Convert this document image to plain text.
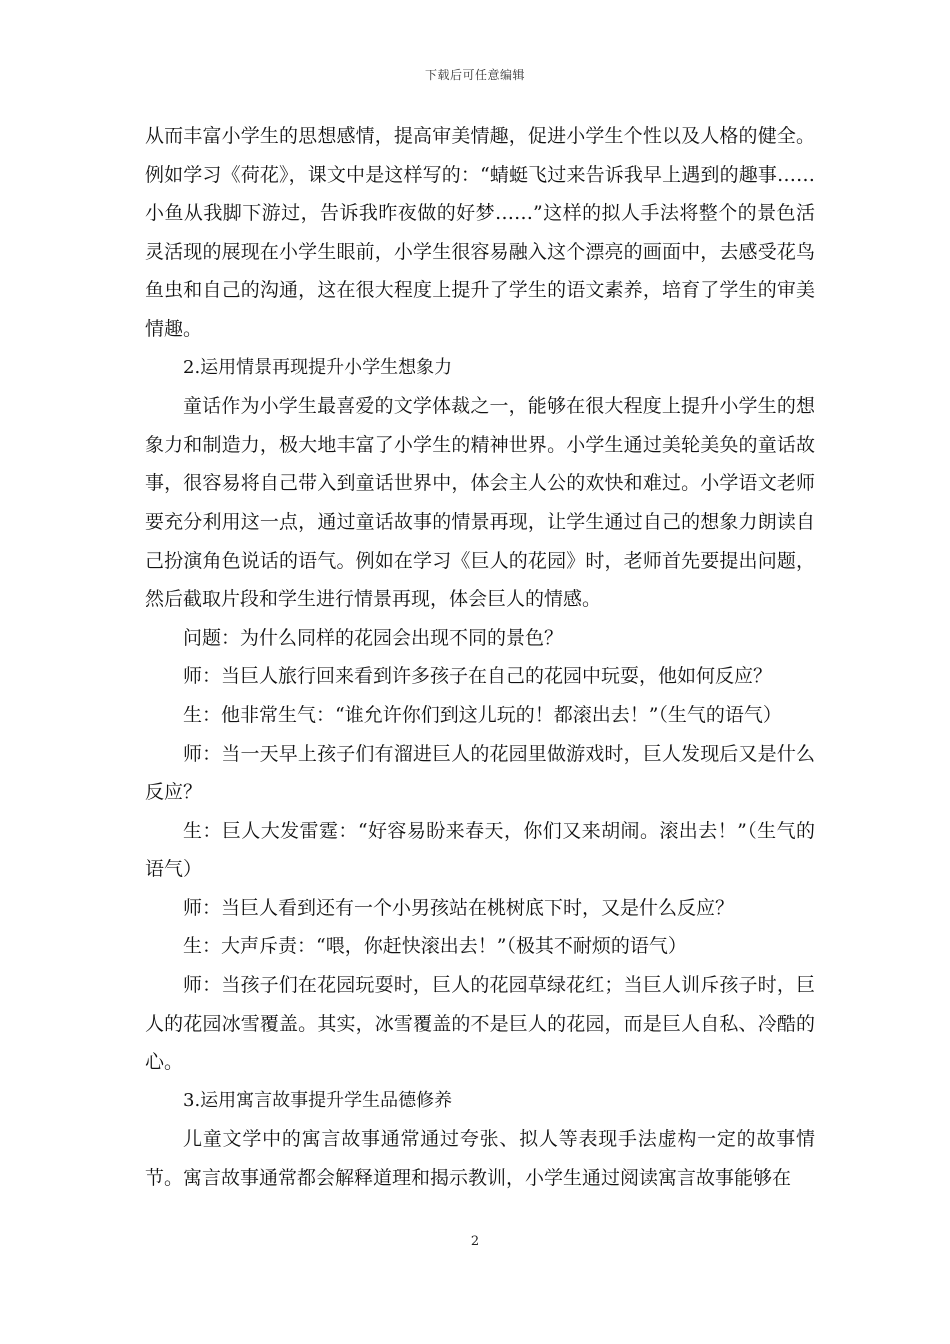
下载后可任意编辑

从而丰富小学生的思想感情，提高审美情趣，促进小学生个性以及人格的健全。例如学习《荷花》，课文中是这样写的：“蜻蜓飞过来告诉我早上遇到的趣事……小鱼从我脚下游过，告诉我昨夜做的好梦……”这样的拟人手法将整个的景色活灵活现的展现在小学生眼前，小学生很容易融入这个漂亮的画面中，去感受花鸟鱼虫和自己的沟通，这在很大程度上提升了学生的语文素养，培育了学生的审美情趣。

2.运用情景再现提升小学生想象力

童话作为小学生最喜爱的文学体裁之一，能够在很大程度上提升小学生的想象力和制造力，极大地丰富了小学生的精神世界。小学生通过美轮美奂的童话故事，很容易将自己带入到童话世界中，体会主人公的欢快和难过。小学语文老师要充分利用这一点，通过童话故事的情景再现，让学生通过自己的想象力朗读自己扮演角色说话的语气。例如在学习《巨人的花园》时，老师首先要提出问题，然后截取片段和学生进行情景再现，体会巨人的情感。

问题：为什么同样的花园会出现不同的景色？

师：当巨人旅行回来看到许多孩子在自己的花园中玩耍，他如何反应？

生：他非常生气：“谁允许你们到这儿玩的！都滚出去！”（生气的语气）

师：当一天早上孩子们有溜进巨人的花园里做游戏时，巨人发现后又是什么反应？

生：巨人大发雷霆：“好容易盼来春天，你们又来胡闹。滚出去！”（生气的语气）

师：当巨人看到还有一个小男孩站在桃树底下时，又是什么反应？

生：大声斥责：“喂，你赶快滚出去！”（极其不耐烦的语气）

师：当孩子们在花园玩耍时，巨人的花园草绿花红；当巨人训斥孩子时，巨人的花园冰雪覆盖。其实，冰雪覆盖的不是巨人的花园，而是巨人自私、冷酷的心。

3.运用寓言故事提升学生品德修养

儿童文学中的寓言故事通常通过夸张、拟人等表现手法虚构一定的故事情节。寓言故事通常都会解释道理和揭示教训，小学生通过阅读寓言故事能够在

2
